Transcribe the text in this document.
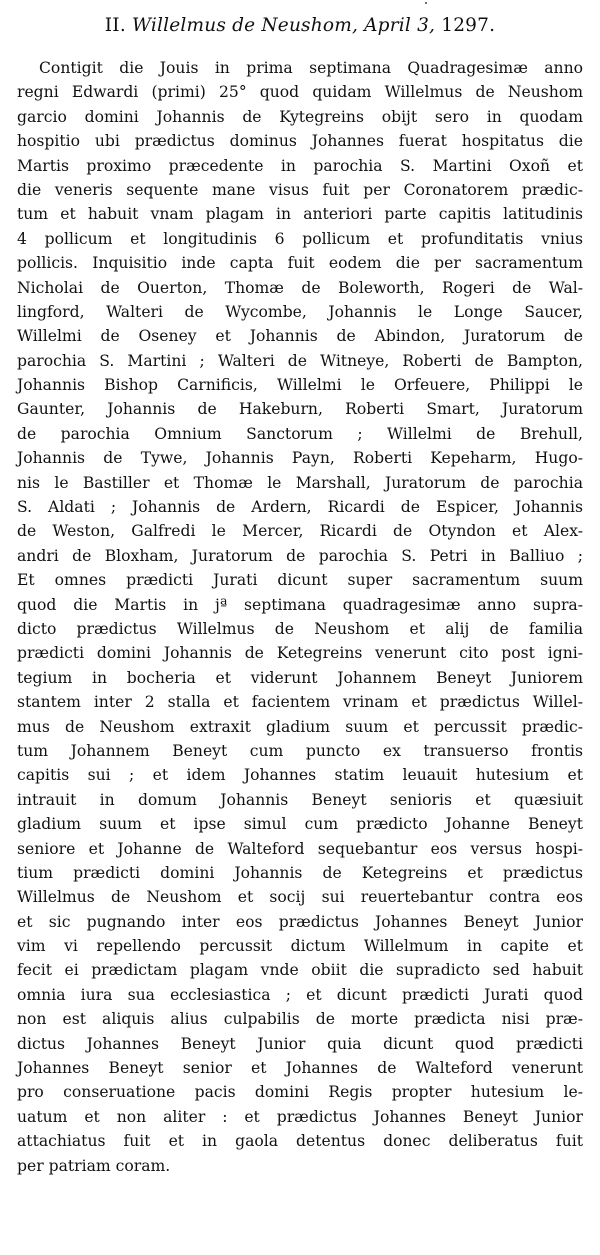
II. Willelmus de Neushom, April 3, 1297.
Contigit die Jouis in prima septimana Quadragesimæ anno
regni Edwardi (primi) 25° quod quidam Willelmus de Neushom
garcio domini Johannis de Kytegreins obijt sero in quodam
hospitio ubi prædictus dominus Johannes fuerat hospitatus die
Martis proximo præcedente in parochia S. Martini Oxoñ et
die veneris sequente mane visus fuit per Coronatorem prædic-
tum et habuit vnam plagam in anteriori parte capitis latitudinis
4 pollicum et longitudinis 6 pollicum et profunditatis vnius
pollicis. Inquisitio inde capta fuit eodem die per sacramentum
Nicholai de Ouerton, Thomæ de Boleworth, Rogeri de Wal-
lingford, Walteri de Wycombe, Johannis le Longe Saucer,
Willelmi de Oseney et Johannis de Abindon, Juratorum de
parochia S. Martini ; Walteri de Witneye, Roberti de Bampton,
Johannis Bishop Carnificis, Willelmi le Orfeuere, Philippi le
Gaunter, Johannis de Hakeburn, Roberti Smart, Juratorum
de parochia Omnium Sanctorum ; Willelmi de Brehull,
Johannis de Tywe, Johannis Payn, Roberti Kepeharm, Hugo-
nis le Bastiller et Thomæ le Marshall, Juratorum de parochia
S. Aldati ; Johannis de Ardern, Ricardi de Espicer, Johannis
de Weston, Galfredi le Mercer, Ricardi de Otyndon et Alex-
andri de Bloxham, Juratorum de parochia S. Petri in Balliuo ;
Et omnes prædicti Jurati dicunt super sacramentum suum
quod die Martis in jª septimana quadragesimæ anno supra-
dicto prædictus Willelmus de Neushom et alij de familia
prædicti domini Johannis de Ketegreins venerunt cito post igni-
tegium in bocheria et viderunt Johannem Beneyt Juniorem
stantem inter 2 stalla et facientem vrinam et prædictus Willel-
mus de Neushom extraxit gladium suum et percussit prædic-
tum Johannem Beneyt cum puncto ex transuerso frontis
capitis sui ; et idem Johannes statim leuauit hutesium et
intrauit in domum Johannis Beneyt senioris et quæsiuit
gladium suum et ipse simul cum prædicto Johanne Beneyt
seniore et Johanne de Walteford sequebantur eos versus hospi-
tium prædicti domini Johannis de Ketegreins et prædictus
Willelmus de Neushom et socij sui reuertebantur contra eos
et sic pugnando inter eos prædictus Johannes Beneyt Junior
vim vi repellendo percussit dictum Willelmum in capite et
fecit ei prædictam plagam vnde obiit die supradicto sed habuit
omnia iura sua ecclesiastica ; et dicunt prædicti Jurati quod
non est aliquis alius culpabilis de morte prædicta nisi præ-
dictus Johannes Beneyt Junior quia dicunt quod prædicti
Johannes Beneyt senior et Johannes de Walteford venerunt
pro conseruatione pacis domini Regis propter hutesium le-
uatum et non aliter : et prædictus Johannes Beneyt Junior
attachiatus fuit et in gaola detentus donec deliberatus fuit
per patriam coram.
